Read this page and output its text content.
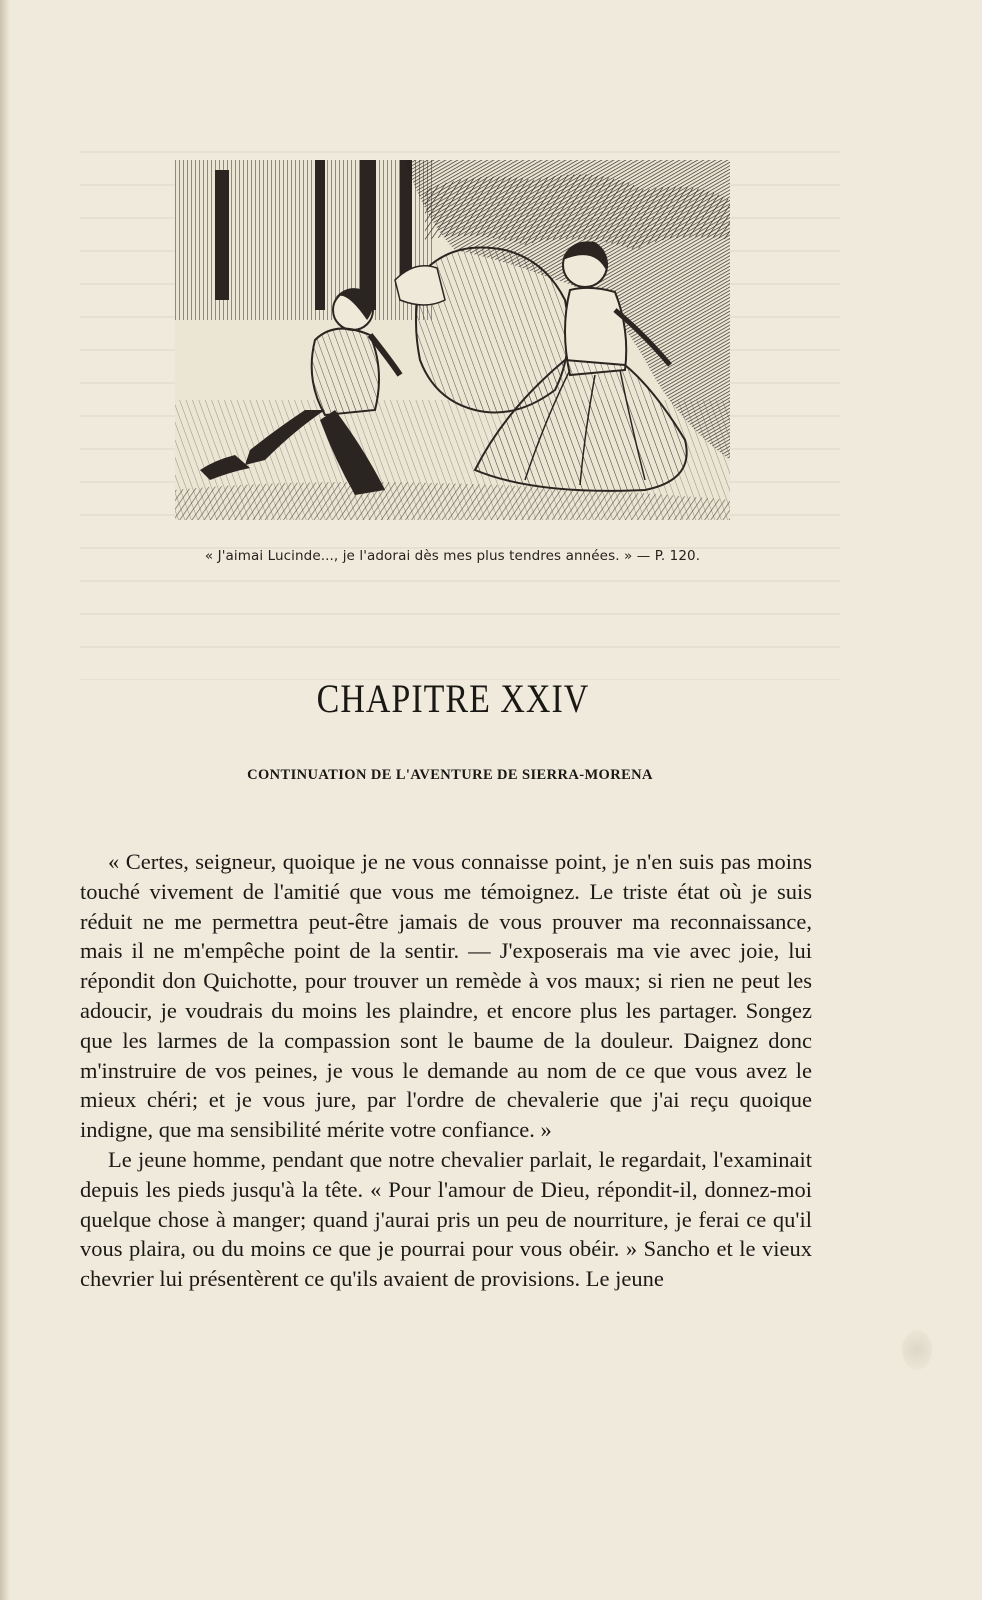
« J'aimai Lucinde..., je l'adorai dès mes plus tendres années. » — P. 120.
CHAPITRE XXIV
CONTINUATION DE L'AVENTURE DE SIERRA-MORENA

« Certes, seigneur, quoique je ne vous connaisse point, je n'en suis pas moins touché vivement de l'amitié que vous me témoignez. Le triste état où je suis réduit ne me permettra peut-être jamais de vous prouver ma reconnaissance, mais il ne m'empêche point de la sentir. — J'exposerais ma vie avec joie, lui répondit don Quichotte, pour trouver un remède à vos maux; si rien ne peut les adoucir, je voudrais du moins les plaindre, et encore plus les partager. Songez que les larmes de la compassion sont le baume de la douleur. Daignez donc m'instruire de vos peines, je vous le demande au nom de ce que vous avez le mieux chéri; et je vous jure, par l'ordre de chevalerie que j'ai reçu quoique indigne, que ma sensibilité mérite votre confiance. »

Le jeune homme, pendant que notre chevalier parlait, le regardait, l'examinait depuis les pieds jusqu'à la tête. « Pour l'amour de Dieu, répondit-il, donnez-moi quelque chose à manger; quand j'aurai pris un peu de nourriture, je ferai ce qu'il vous plaira, ou du moins ce que je pourrai pour vous obéir. » Sancho et le vieux chevrier lui présentèrent ce qu'ils avaient de provisions. Le jeune
